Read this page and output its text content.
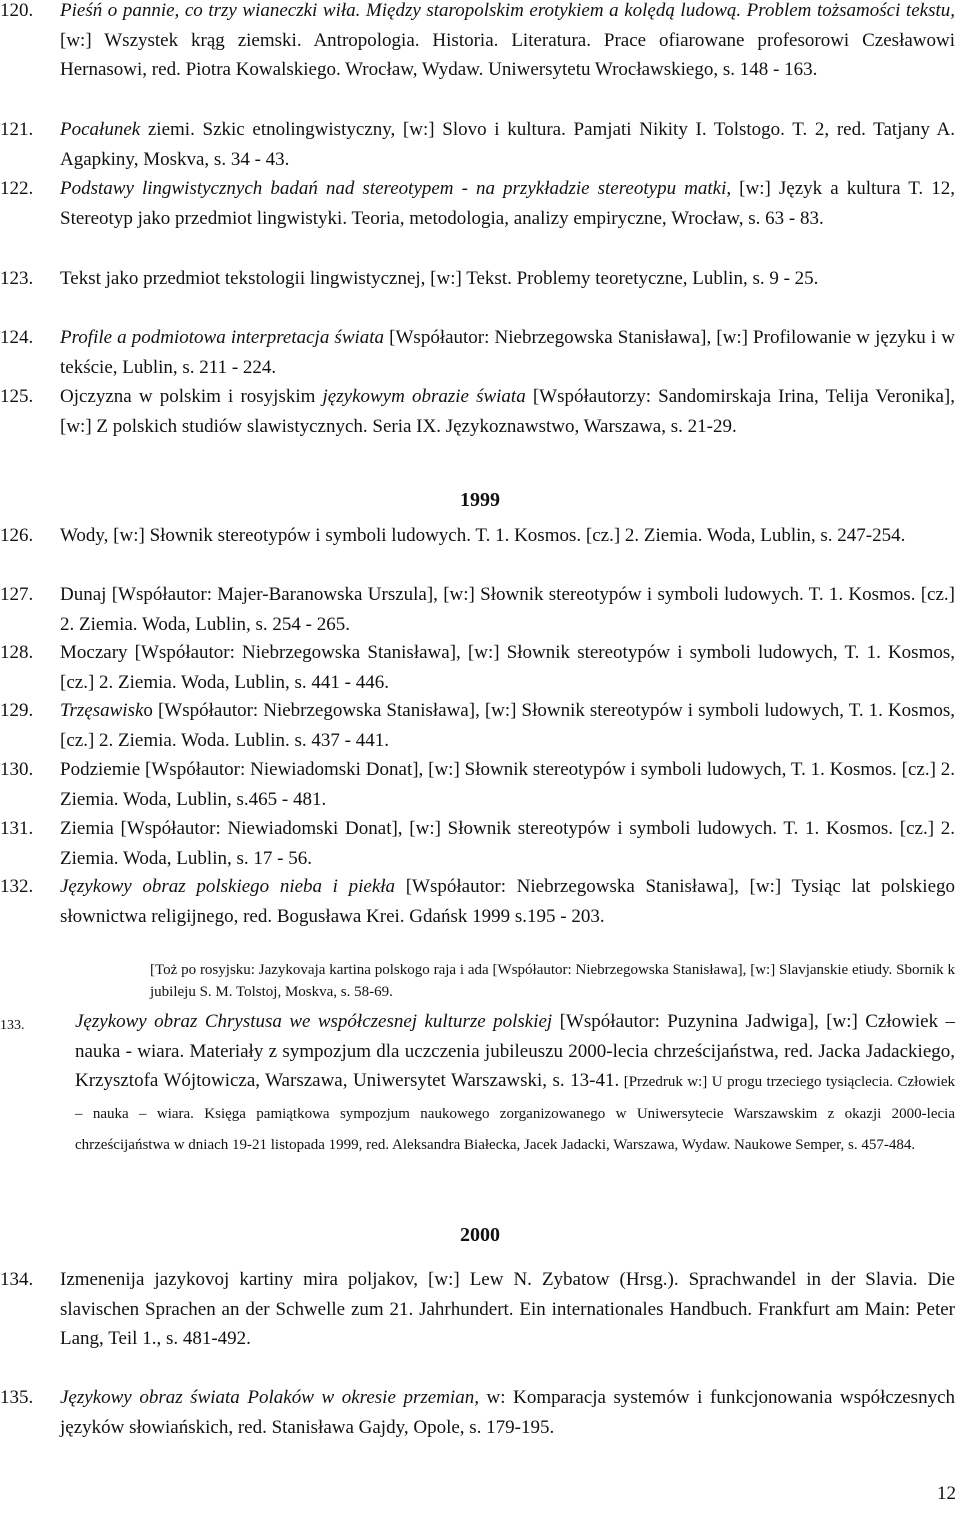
120. Pieśń o pannie, co trzy wianeczki wiła. Między staropolskim erotykiem a kolędą ludową. Problem tożsamości tekstu, [w:] Wszystek krąg ziemski. Antropologia. Historia. Literatura. Prace ofiarowane profesorowi Czesławowi Hernasowi, red. Piotra Kowalskiego. Wrocław, Wydaw. Uniwersytetu Wrocławskiego, s. 148 - 163.
121. Pocałunek ziemi. Szkic etnolingwistyczny, [w:] Slovo i kultura. Pamjati Nikity I. Tolstogo. T. 2, red. Tatjany A. Agapkiny, Moskva, s. 34 - 43.
122. Podstawy lingwistycznych badań nad stereotypem - na przykładzie stereotypu matki, [w:] Język a kultura T. 12, Stereotyp jako przedmiot lingwistyki. Teoria, metodologia, analizy empiryczne, Wrocław, s. 63 - 83.
123. Tekst jako przedmiot tekstologii lingwistycznej, [w:] Tekst. Problemy teoretyczne, Lublin, s. 9 - 25.
124. Profile a podmiotowa interpretacja świata [Współautor: Niebrzegowska Stanisława], [w:] Profilowanie w języku i w tekście, Lublin, s. 211 - 224.
125. Ojczyzna w polskim i rosyjskim językowym obrazie świata [Współautorzy: Sandomirskaja Irina, Telija Veronika], [w:] Z polskich studiów slawistycznych. Seria IX. Językoznawstwo, Warszawa, s. 21-29.
1999
126. Wody, [w:] Słownik stereotypów i symboli ludowych. T. 1. Kosmos. [cz.] 2. Ziemia. Woda, Lublin, s. 247-254.
127. Dunaj [Współautor: Majer-Baranowska Urszula], [w:] Słownik stereotypów i symboli ludowych. T. 1. Kosmos. [cz.] 2. Ziemia. Woda, Lublin, s. 254 - 265.
128. Moczary [Współautor: Niebrzegowska Stanisława], [w:] Słownik stereotypów i symboli ludowych, T. 1. Kosmos, [cz.] 2. Ziemia. Woda, Lublin, s. 441 - 446.
129. Trzęsawisko [Współautor: Niebrzegowska Stanisława], [w:] Słownik stereotypów i symboli ludowych, T. 1. Kosmos, [cz.] 2. Ziemia. Woda. Lublin. s. 437 - 441.
130. Podziemie [Współautor: Niewiadomski Donat], [w:] Słownik stereotypów i symboli ludowych, T. 1. Kosmos. [cz.] 2. Ziemia. Woda, Lublin, s.465 - 481.
131. Ziemia [Współautor: Niewiadomski Donat], [w:] Słownik stereotypów i symboli ludowych. T. 1. Kosmos. [cz.] 2. Ziemia. Woda, Lublin, s. 17 - 56.
132. Językowy obraz polskiego nieba i piekła [Współautor: Niebrzegowska Stanisława], [w:] Tysiąc lat polskiego słownictwa religijnego, red. Bogusława Krei. Gdańsk 1999 s.195 - 203.
[Toż po rosyjsku: Jazykovaja kartina polskogo raja i ada [Współautor: Niebrzegowska Stanisława], [w:] Slavjanskie etiudy. Sbornik k jubileju S. M. Tolstoj, Moskva, s. 58-69.
133.	Językowy obraz Chrystusa we współczesnej kulturze polskiej [Współautor: Puzynina Jadwiga], [w:] Człowiek – nauka - wiara. Materiały z sympozjum dla uczczenia jubileuszu 2000-lecia chrześcijaństwa, red. Jacka Jadackiego, Krzysztofa Wójtowicza, Warszawa, Uniwersytet Warszawski, s. 13-41. [Przedruk w:] U progu trzeciego tysiąclecia. Człowiek – nauka – wiara. Księga pamiątkowa sympozjum naukowego zorganizowanego w Uniwersytecie Warszawskim z okazji 2000-lecia chrześcijaństwa w dniach 19-21 listopada 1999, red. Aleksandra Białecka, Jacek Jadacki, Warszawa, Wydaw. Naukowe Semper, s. 457-484.
2000
134. Izmenenija jazykovoj kartiny mira poljakov, [w:] Lew N. Zybatow (Hrsg.). Sprachwandel in der Slavia. Die slavischen Sprachen an der Schwelle zum 21. Jahrhundert. Ein internationales Handbuch. Frankfurt am Main: Peter Lang, Teil 1., s. 481-492.
135. Językowy obraz świata Polaków w okresie przemian, w: Komparacja systemów i funkcjonowania współczesnych języków słowiańskich, red. Stanisława Gajdy, Opole, s. 179-195.
12
